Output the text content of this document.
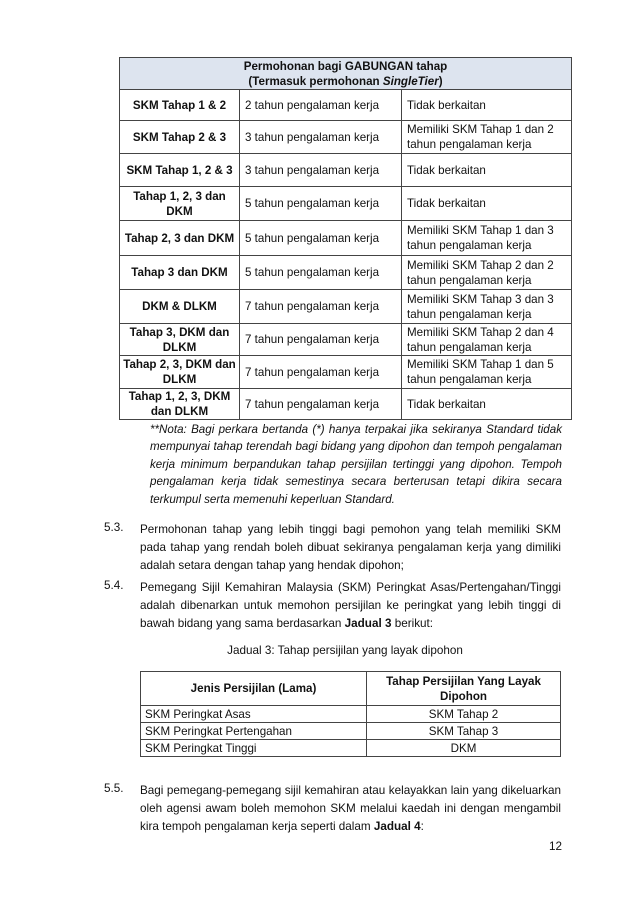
Permohonan bagi GABUNGAN tahap
(Termasuk permohonan SingleTier)		

SKM Tahap 1 & 2	2 tahun pengalaman kerja	Tidak berkaitan
SKM Tahap 2 & 3	3 tahun pengalaman kerja	Memiliki SKM Tahap 1 dan 2 tahun pengalaman kerja
SKM Tahap 1, 2 & 3	3 tahun pengalaman kerja	Tidak berkaitan
Tahap 1, 2, 3 dan DKM	5 tahun pengalaman kerja	Tidak berkaitan
Tahap 2, 3 dan DKM	5 tahun pengalaman kerja	Memiliki SKM Tahap 1 dan 3 tahun pengalaman kerja
Tahap 3 dan DKM	5 tahun pengalaman kerja	Memiliki SKM Tahap 2 dan 2 tahun pengalaman kerja
DKM & DLKM	7 tahun pengalaman kerja	Memiliki SKM Tahap 3 dan 3 tahun pengalaman kerja
Tahap 3, DKM dan DLKM	7 tahun pengalaman kerja	Memiliki SKM Tahap 2 dan 4 tahun pengalaman kerja
Tahap 2, 3, DKM dan DLKM	7 tahun pengalaman kerja	Memiliki SKM Tahap 1 dan 5 tahun pengalaman kerja
Tahap 1, 2, 3, DKM dan DLKM	7 tahun pengalaman kerja	Tidak berkaitan
**Nota: Bagi perkara bertanda (*) hanya terpakai jika sekiranya Standard tidak mempunyai tahap terendah bagi bidang yang dipohon dan tempoh pengalaman kerja minimum berpandukan tahap persijilan tertinggi yang dipohon. Tempoh pengalaman kerja tidak semestinya secara berterusan tetapi dikira secara terkumpul serta memenuhi keperluan Standard.
5.3. Permohonan tahap yang lebih tinggi bagi pemohon yang telah memiliki SKM pada tahap yang rendah boleh dibuat sekiranya pengalaman kerja yang dimiliki adalah setara dengan tahap yang hendak dipohon;
5.4. Pemegang Sijil Kemahiran Malaysia (SKM) Peringkat Asas/Pertengahan/Tinggi adalah dibenarkan untuk memohon persijilan ke peringkat yang lebih tinggi di bawah bidang yang sama berdasarkan Jadual 3 berikut:
Jadual 3: Tahap persijilan yang layak dipohon
Jenis Persijilan (Lama)	Tahap Persijilan Yang Layak Dipohon
SKM Peringkat Asas	SKM Tahap 2
SKM Peringkat Pertengahan	SKM Tahap 3
SKM Peringkat Tinggi	DKM
5.5. Bagi pemegang-pemegang sijil kemahiran atau kelayakkan lain yang dikeluarkan oleh agensi awam boleh memohon SKM melalui kaedah ini dengan mengambil kira tempoh pengalaman kerja seperti dalam Jadual 4:
12
